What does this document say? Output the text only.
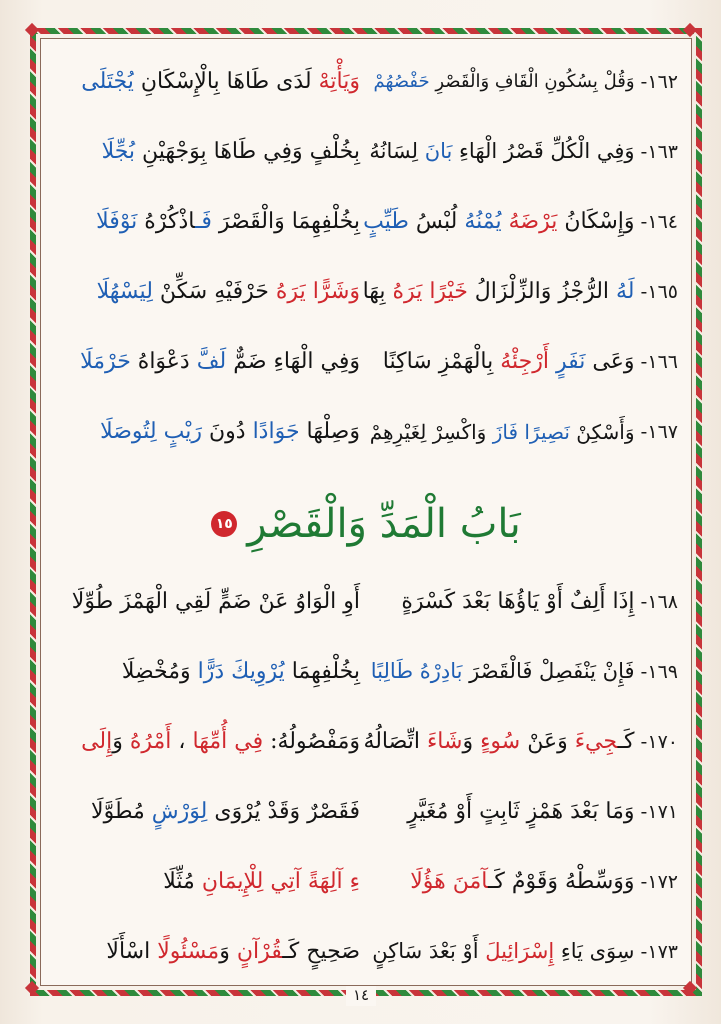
١٦٢-
وَقُلْ بِسُكُونِ الْقَافِ وَالْقَصْرِ حَفْصُهُمْ
وَيَأْتِهْ لَدَى طَاهَا بِالْإِسْكَانِ يُجْتَلَى
١٦٣-
وَفِي الْكُلِّ قَصْرُ الْهَاءِ بَانَ لِسَانُهُ
بِخُلْفٍ وَفِي طَاهَا بِوَجْهَيْنِ بُجِّلَا
١٦٤-
وَإِسْكَانُ يَرْضَهُ يُمْنُهُ لُبْسُ طَيِّبٍ
بِخُلْفِهِمَا وَالْقَصْرَ فَـاذْكُرْهُ نَوْفَلَا
١٦٥-
لَهُ الرُّجْزُ وَالزِّلْزَالُ خَيْرًا يَرَهُ بِهَا
وَشَرًّا يَرَهُ حَرْفَيْهِ سَكِّنْ لِيَسْهُلَا
١٦٦-
وَعَى نَفَرٍ أَرْجِئْهُ بِالْهَمْزِ سَاكِنًا
وَفِي الْهَاءِ ضَمٌّ لَفَّ دَعْوَاهُ حَرْمَلَا
١٦٧-
وَأَسْكِنْ نَصِيرًا فَازَ وَاكْسِرْ لِغَيْرِهِمْ
وَصِلْهَا جَوَادًا دُونَ رَيْبٍ لِتُوصَلَا
بَابُ الْمَدِّ وَالْقَصْرِ
١٥
١٦٨-
إِذَا أَلِفٌ أَوْ يَاؤُهَا بَعْدَ كَسْرَةٍ
أَوِ الْوَاوُ عَنْ ضَمٍّ لَقِي الْهَمْزَ طُوِّلَا
١٦٩-
فَإِنْ يَنْفَصِلْ فَالْقَصْرَ بَادِرْهُ طَالِبًا
بِخُلْفِهِمَا يُرْوِيكَ دَرًّا وَمُخْضِلَا
١٧٠-
كَـجِيءَ وَعَنْ سُوءٍ وَشَاءَ اتِّصَالُهُ
وَمَفْصُولُهُ: فِي أُمِّهَا ، أَمْرُهُ وَإِلَى
١٧١-
وَمَا بَعْدَ هَمْزٍ ثَابِتٍ أَوْ مُغَيَّرٍ
فَقَصْرٌ وَقَدْ يُرْوَى لِوَرْشٍ مُطَوَّلَا
١٧٢-
وَوَسِّطْهُ وَقَوْمٌ كَـآمَنَ هَؤُلَا
ءِ آلِهَةً آتِي لِلْإِيمَانِ مُثِّلَا
١٧٣-
سِوَى يَاءِ إِسْرَائِيلَ أَوْ بَعْدَ سَاكِنٍ
صَحِيحٍ كَـقُرْآنٍ وَمَسْئُولًا اسْأَلَا
١٤
